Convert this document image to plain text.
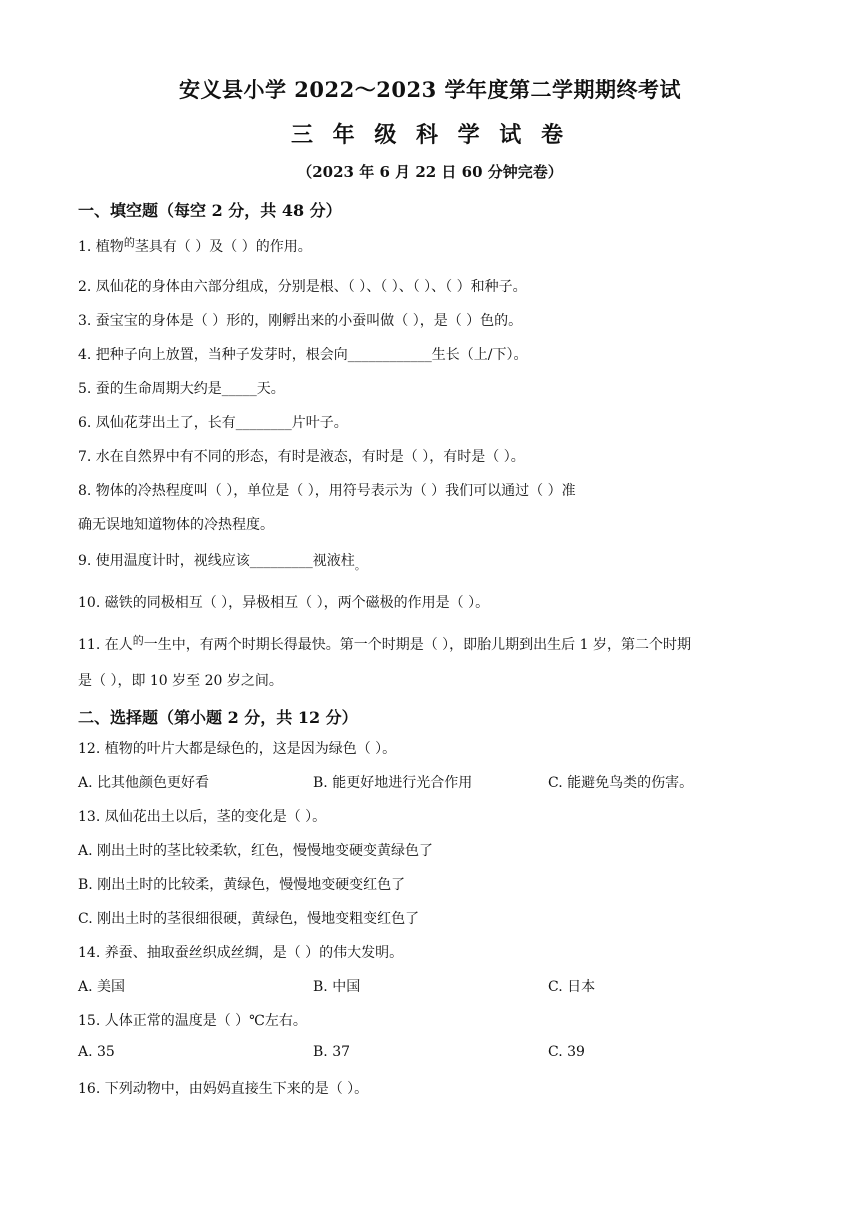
安义县小学 2022～2023 学年度第二学期期终考试
三 年 级 科 学 试 卷
（2023 年 6 月 22 日 60 分钟完卷）
一、填空题（每空 2 分，共 48 分）
1. 植物$^的$茎具有（ ）及（ ）的作用。
2. 凤仙花的身体由六部分组成，分别是根、（ ）、（ ）、（ ）、（ ）和种子。
3. 蚕宝宝的身体是（ ）形的，刚孵出来的小蚕叫做（ ），是（ ）色的。
4. 把种子向上放置，当种子发芽时，根会向____________生长（上/下）。
5. 蚕的生命周期大约是_____天。
6. 凤仙花芽出土了，长有________片叶子。
7. 水在自然界中有不同的形态，有时是液态，有时是（ ），有时是（ ）。
8. 物体的冷热程度叫（ ），单位是（ ），用符号表示为（ ）我们可以通过（ ）准
确无误地知道物体的冷热程度。
9. 使用温度计时，视线应该_________视液柱$_。$
10. 磁铁的同极相互（ ），异极相互（ ），两个磁极的作用是（ ）。
11. 在人$^的$一生中，有两个时期长得最快。第一个时期是（ ），即胎儿期到出生后 1 岁，第二个时期
是（ ），即 10 岁至 20 岁之间。
二、选择题（第小题 2 分，共 12 分）
12. 植物的叶片大都是绿色的，这是因为绿色（ ）。
A. 比其他颜色更好看	B. 能更好地进行光合作用	C. 能避免鸟类的伤害。
13. 凤仙花出土以后，茎的变化是（ ）。
A. 刚出土时的茎比较柔软，红色，慢慢地变硬变黄绿色了
B. 刚出土时的比较柔，黄绿色，慢慢地变硬变红色了
C. 刚出土时的茎很细很硬，黄绿色，慢地变粗变红色了
14. 养蚕、抽取蚕丝织成丝绸，是（ ）的伟大发明。
A. 美国	B. 中国	C. 日本
15. 人体正常的温度是（ ）℃左右。
A. 35	B. 37	C. 39
16. 下列动物中，由妈妈直接生下来的是（ ）。
